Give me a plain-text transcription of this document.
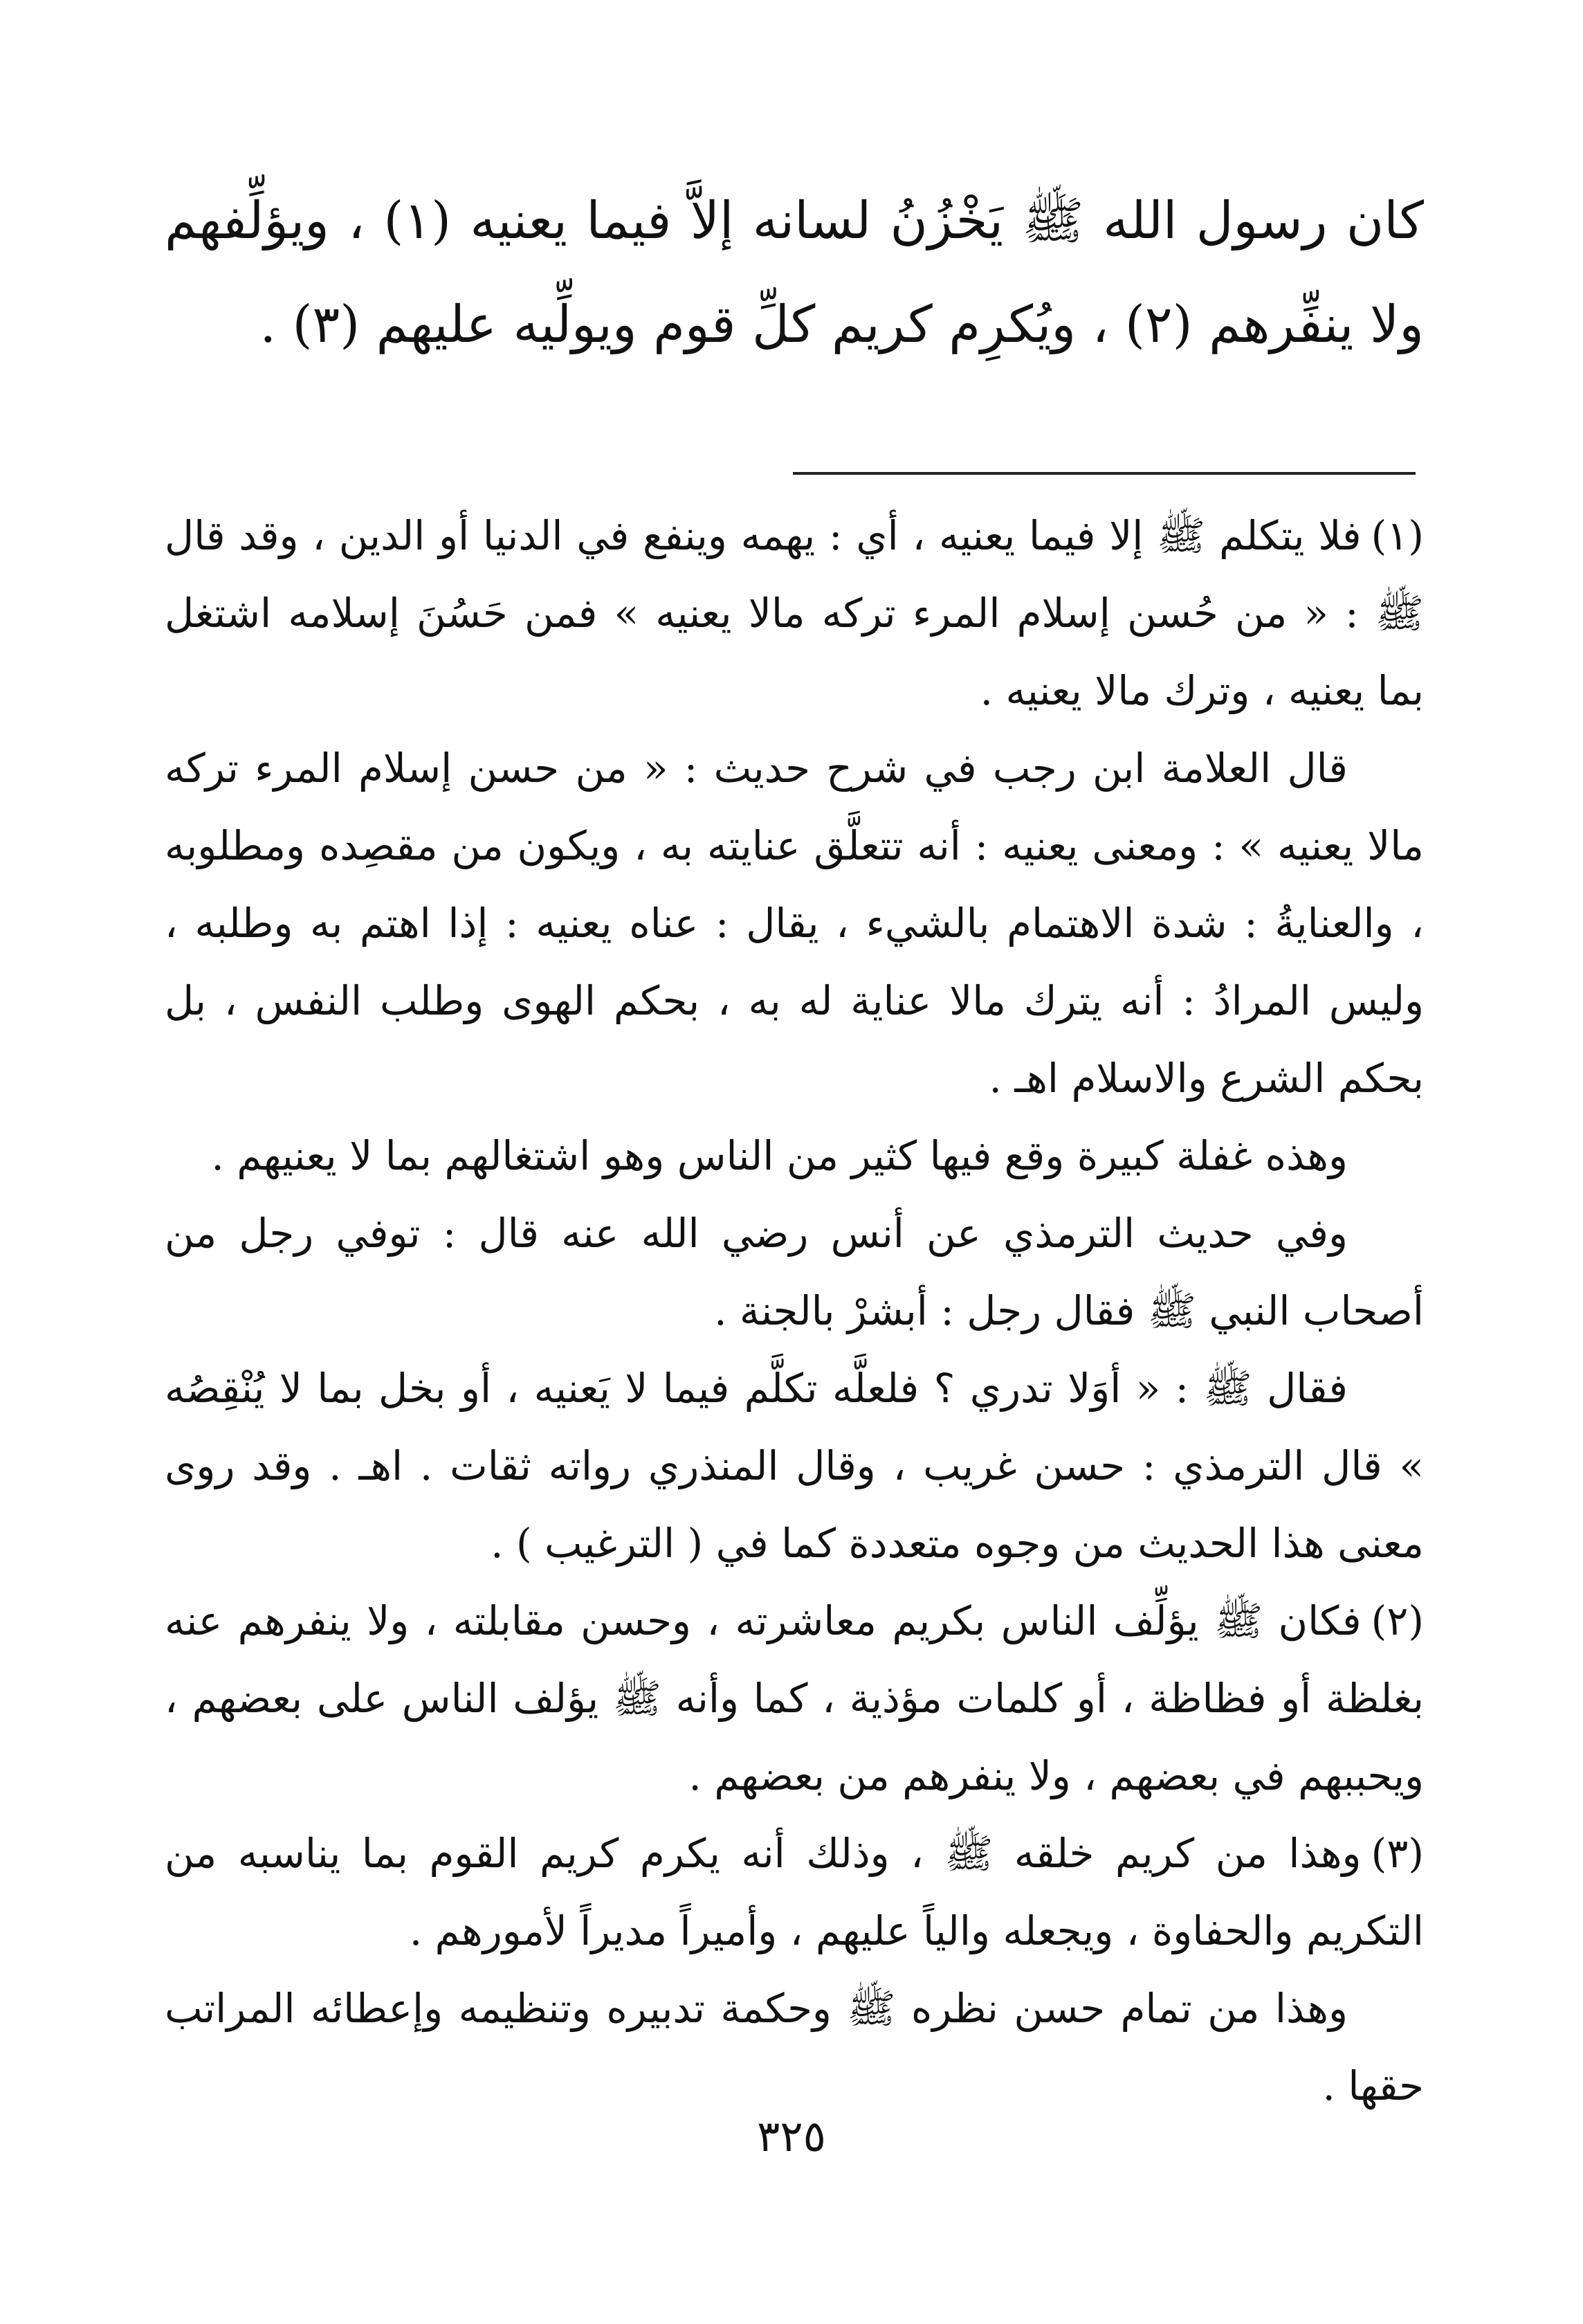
كان رسول الله ﷺ يَخْزُنُ لسانه إلاَّ فيما يعنيه (١) ، ويؤلِّفهم ولا ينفِّرهم (٢) ، ويُكرِم كريم كلِّ قوم ويولِّيه عليهم (٣) .

(١)فلا يتكلم ﷺ إلا فيما يعنيه ، أي : يهمه وينفع في الدنيا أو الدين ، وقد قال ﷺ : « من حُسن إسلام المرء تركه مالا يعنيه » فمن حَسُنَ إسلامه اشتغل بما يعنيه ، وترك مالا يعنيه .

قال العلامة ابن رجب في شرح حديث : « من حسن إسلام المرء تركه مالا يعنيه » : ومعنى يعنيه : أنه تتعلَّق عنايته به ، ويكون من مقصِده ومطلوبه ، والعنايةُ : شدة الاهتمام بالشيء ، يقال : عناه يعنيه : إذا اهتم به وطلبه ، وليس المرادُ : أنه يترك مالا عناية له به ، بحكم الهوى وطلب النفس ، بل بحكم الشرع والاسلام اهـ .

وهذه غفلة كبيرة وقع فيها كثير من الناس وهو اشتغالهم بما لا يعنيهم .

وفي حديث الترمذي عن أنس رضي الله عنه قال : توفي رجل من أصحاب النبي ﷺ فقال رجل : أبشرْ بالجنة .

فقال ﷺ : « أوَلا تدري ؟ فلعلَّه تكلَّم فيما لا يَعنيه ، أو بخل بما لا يُنْقِصُه » قال الترمذي : حسن غريب ، وقال المنذري رواته ثقات . اهـ . وقد روى معنى هذا الحديث من وجوه متعددة كما في ( الترغيب ) .

(٢)فكان ﷺ يؤلِّف الناس بكريم معاشرته ، وحسن مقابلته ، ولا ينفرهم عنه بغلظة أو فظاظة ، أو كلمات مؤذية ، كما وأنه ﷺ يؤلف الناس على بعضهم ، ويحببهم في بعضهم ، ولا ينفرهم من بعضهم .

(٣)وهذا من كريم خلقه ﷺ ، وذلك أنه يكرم كريم القوم بما يناسبه من التكريم والحفاوة ، ويجعله والياً عليهم ، وأميراً مديراً لأمورهم .

وهذا من تمام حسن نظره ﷺ وحكمة تدبيره وتنظيمه وإعطائه المراتب حقها .

٣٢٥
